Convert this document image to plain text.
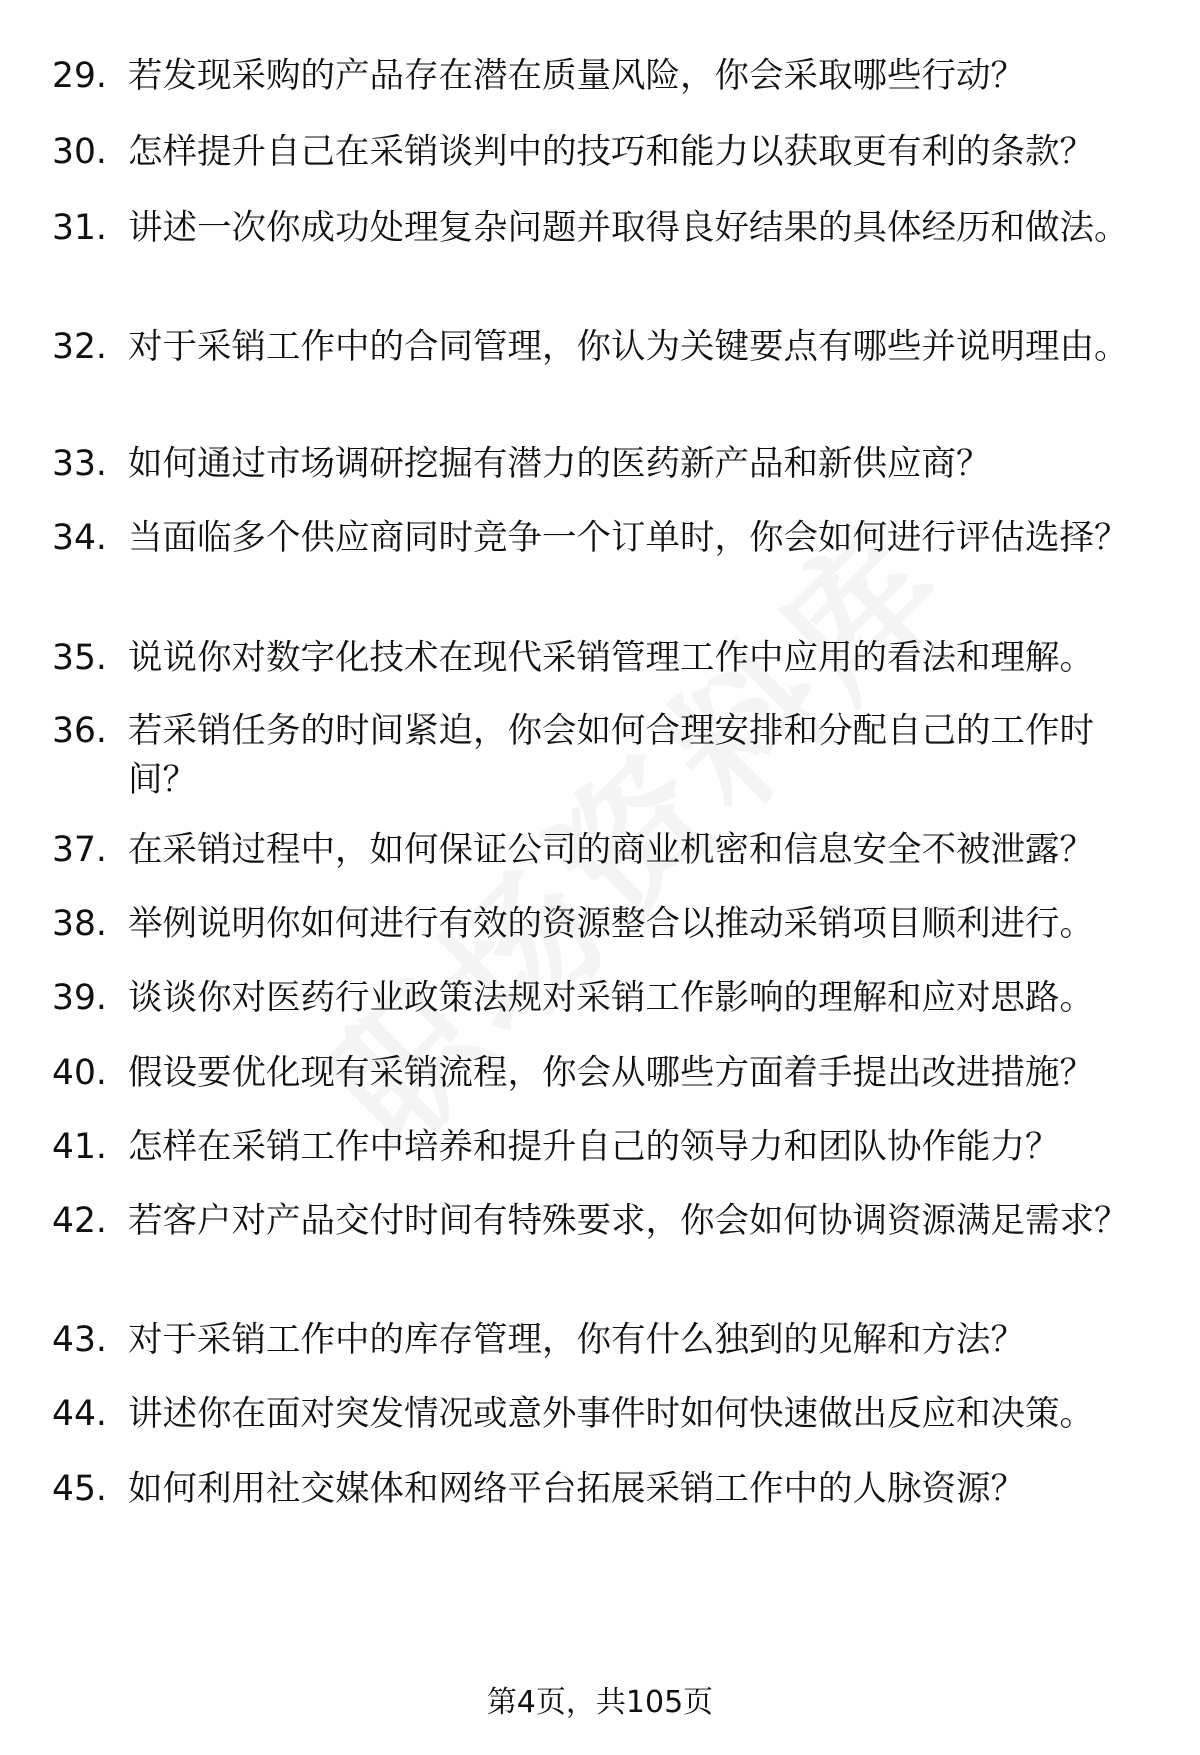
29. 若发现采购的产品存在潜在质量风险，你会采取哪些行动？
30. 怎样提升自己在采销谈判中的技巧和能力以获取更有利的条款？
31. 讲述一次你成功处理复杂问题并取得良好结果的具体经历和做法。
32. 对于采销工作中的合同管理，你认为关键要点有哪些并说明理由。
33. 如何通过市场调研挖掘有潜力的医药新产品和新供应商？
34. 当面临多个供应商同时竞争一个订单时，你会如何进行评估选择？
35. 说说你对数字化技术在现代采销管理工作中应用的看法和理解。
36. 若采销任务的时间紧迫，你会如何合理安排和分配自己的工作时间？
37. 在采销过程中，如何保证公司的商业机密和信息安全不被泄露？
38. 举例说明你如何进行有效的资源整合以推动采销项目顺利进行。
39. 谈谈你对医药行业政策法规对采销工作影响的理解和应对思路。
40. 假设要优化现有采销流程，你会从哪些方面着手提出改进措施？
41. 怎样在采销工作中培养和提升自己的领导力和团队协作能力？
42. 若客户对产品交付时间有特殊要求，你会如何协调资源满足需求？
43. 对于采销工作中的库存管理，你有什么独到的见解和方法？
44. 讲述你在面对突发情况或意外事件时如何快速做出反应和决策。
45. 如何利用社交媒体和网络平台拓展采销工作中的人脉资源？
第4页，共105页
